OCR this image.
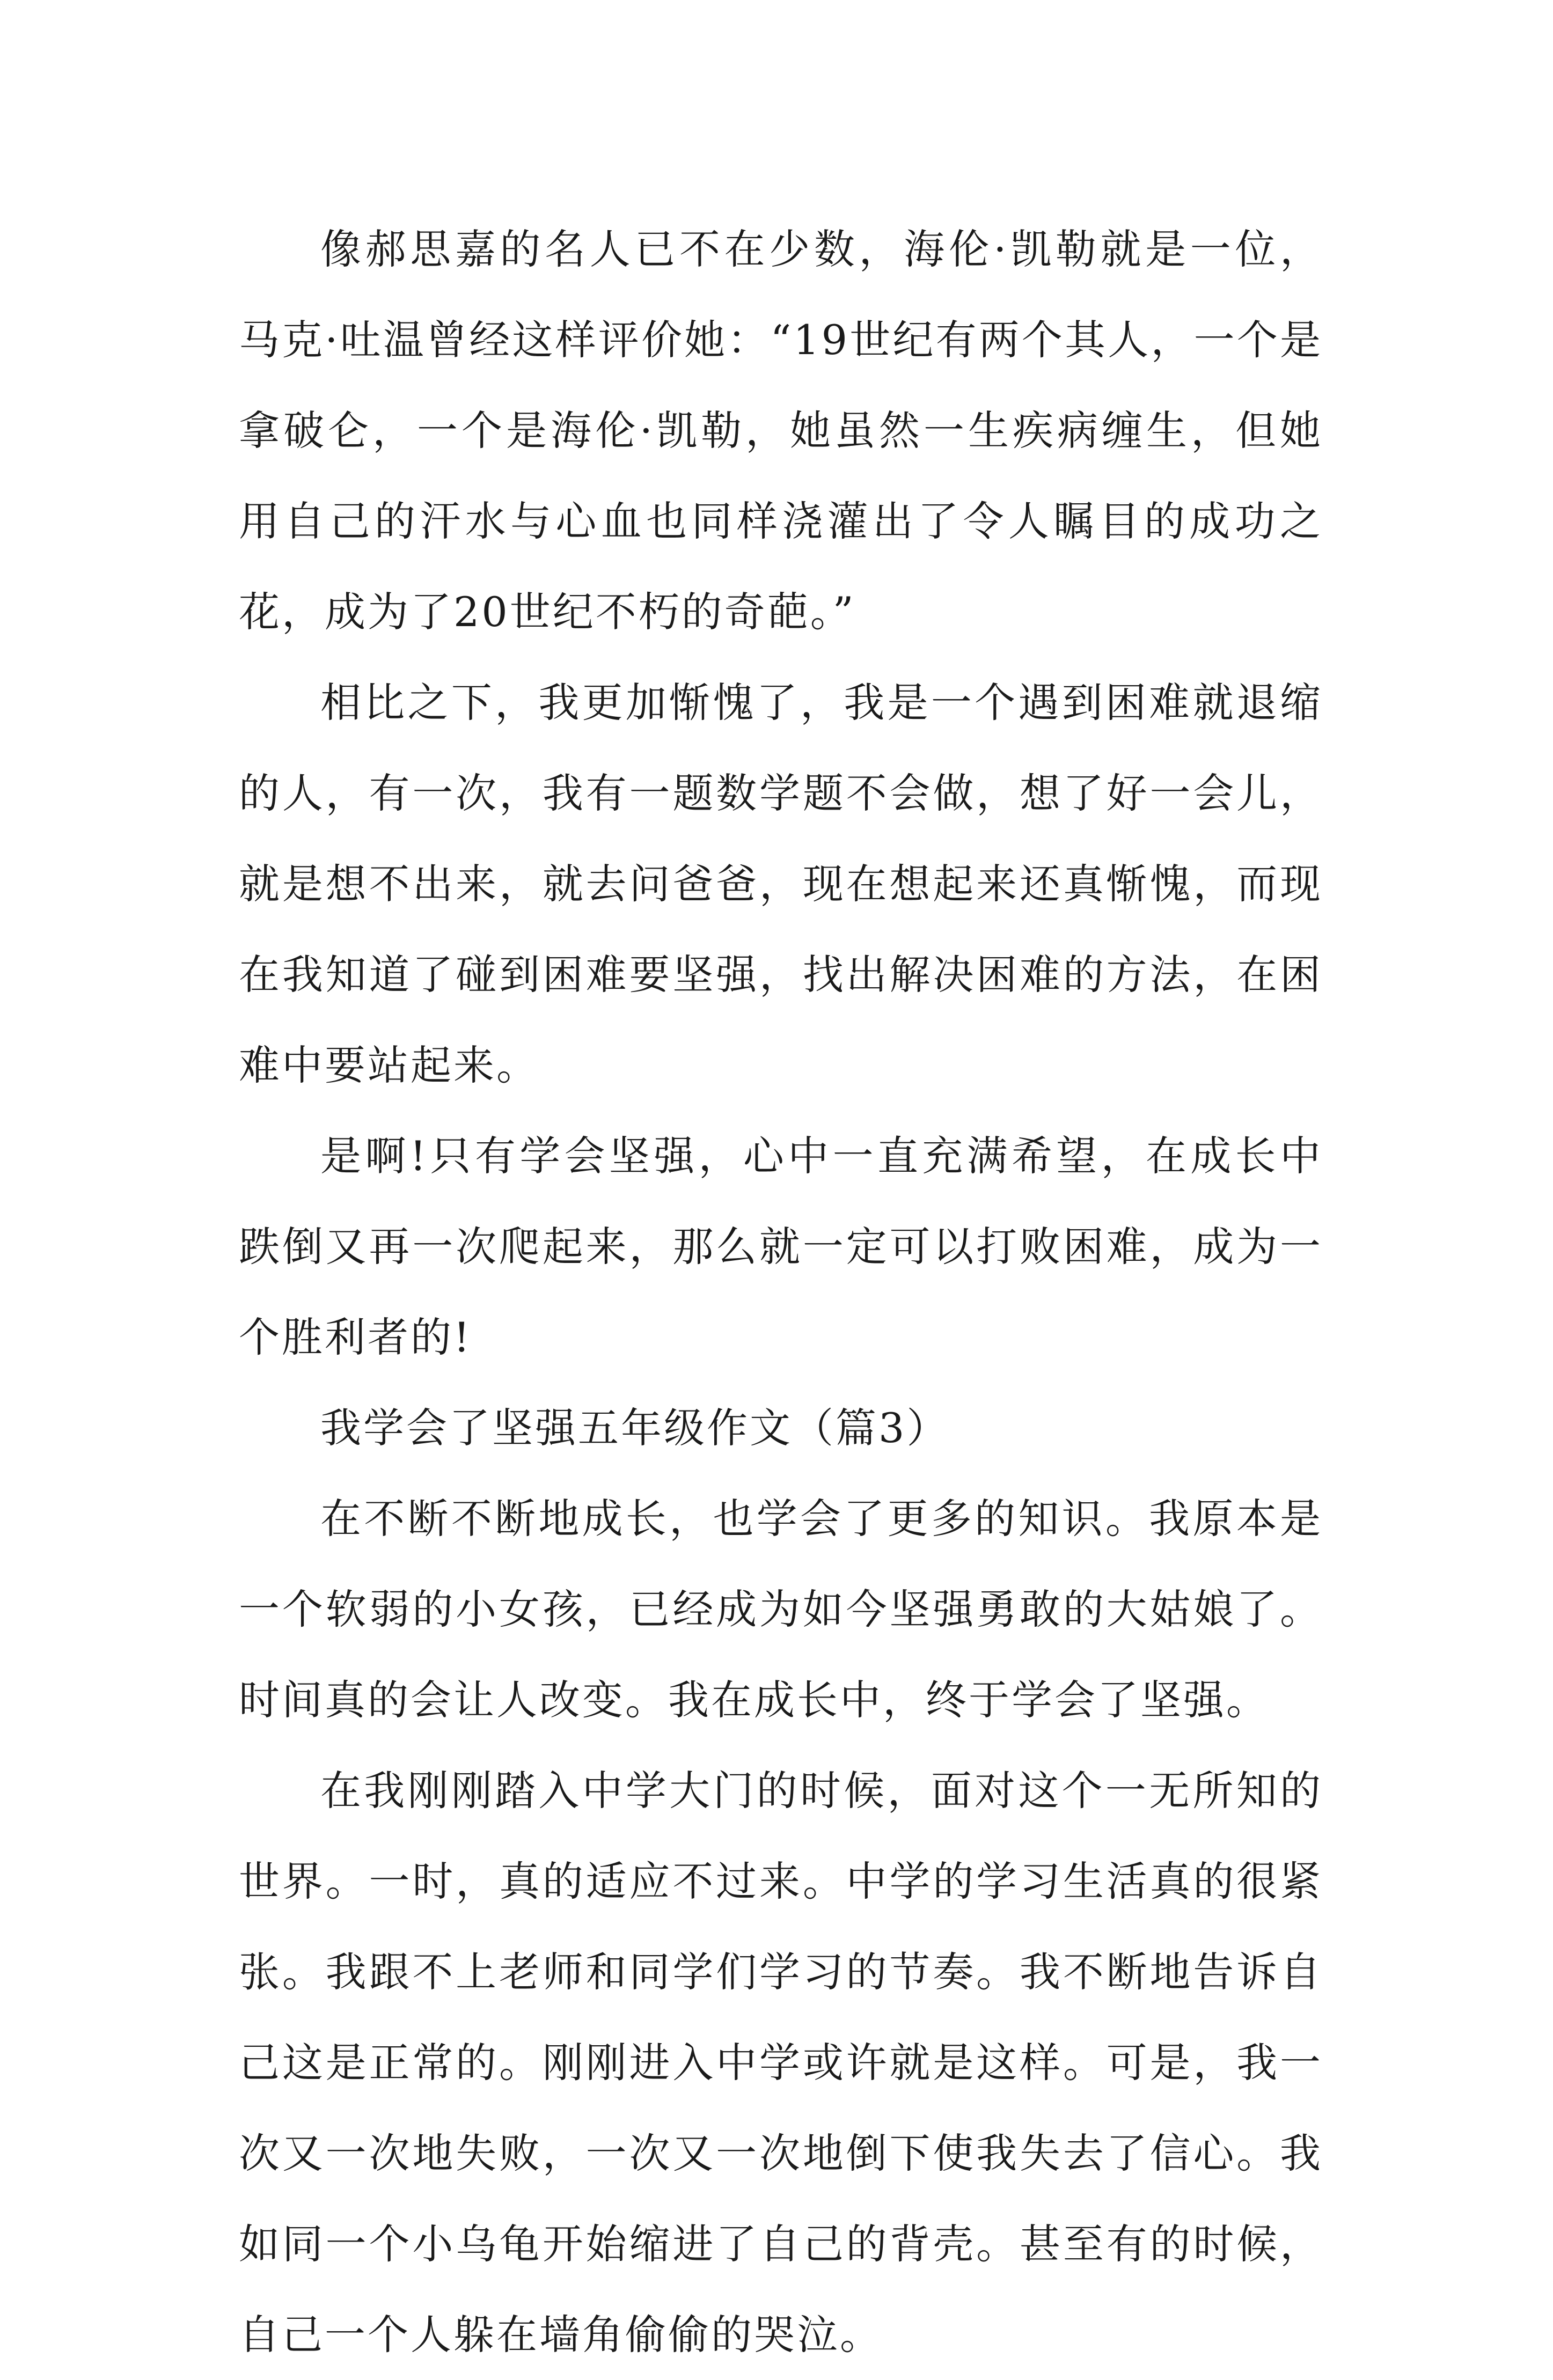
像郝思嘉的名人已不在少数，海伦·凯勒就是一位，马克·吐温曾经这样评价她：“19世纪有两个其人，一个是拿破仑，一个是海伦·凯勒，她虽然一生疾病缠生，但她用自己的汗水与心血也同样浇灌出了令人瞩目的成功之花，成为了20世纪不朽的奇葩。”

相比之下，我更加惭愧了，我是一个遇到困难就退缩的人，有一次，我有一题数学题不会做，想了好一会儿，就是想不出来，就去问爸爸，现在想起来还真惭愧，而现在我知道了碰到困难要坚强，找出解决困难的方法，在困难中要站起来。

是啊!只有学会坚强，心中一直充满希望，在成长中跌倒又再一次爬起来，那么就一定可以打败困难，成为一个胜利者的!

我学会了坚强五年级作文（篇3）

在不断不断地成长，也学会了更多的知识。我原本是一个软弱的小女孩，已经成为如今坚强勇敢的大姑娘了。时间真的会让人改变。我在成长中，终于学会了坚强。

在我刚刚踏入中学大门的时候，面对这个一无所知的世界。一时，真的适应不过来。中学的学习生活真的很紧张。我跟不上老师和同学们学习的节奏。我不断地告诉自己这是正常的。刚刚进入中学或许就是这样。可是，我一次又一次地失败，一次又一次地倒下使我失去了信心。我如同一个小乌龟开始缩进了自己的背壳。甚至有的时候，自己一个人躲在墙角偷偷的哭泣。
